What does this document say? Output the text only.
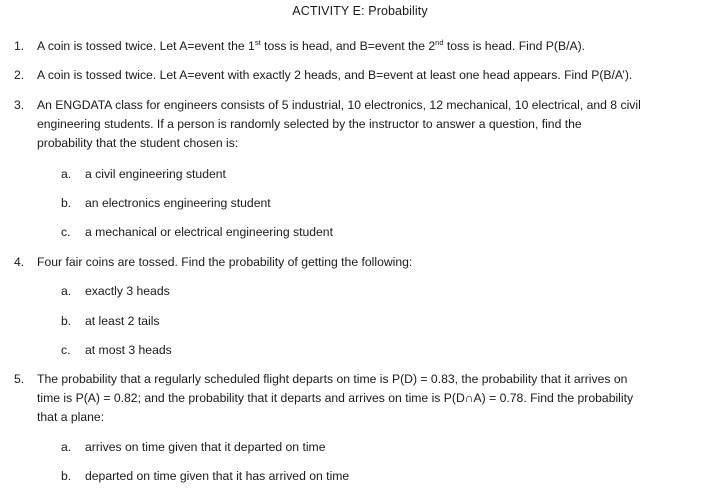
ACTIVITY E: Probability
1.	A coin is tossed twice. Let A=event the 1st toss is head, and B=event the 2nd toss is head. Find P(B/A).
2.	A coin is tossed twice. Let A=event with exactly 2 heads, and B=event at least one head appears. Find P(B/A’).
3.	An ENGDATA class for engineers consists of 5 industrial, 10 electronics, 12 mechanical, 10 electrical, and 8 civil
engineering students. If a person is randomly selected by the instructor to answer a question, find the
probability that the student chosen is:
a.	a civil engineering student
b.	an electronics engineering student
c.	a mechanical or electrical engineering student
4.	Four fair coins are tossed. Find the probability of getting the following:
a.	exactly 3 heads
b.	at least 2 tails
c.	at most 3 heads
5.	The probability that a regularly scheduled flight departs on time is P(D) = 0.83, the probability that it arrives on
time is P(A) = 0.82; and the probability that it departs and arrives on time is P(D∩A) = 0.78. Find the probability
that a plane:
a.	arrives on time given that it departed on time
b.	departed on time given that it has arrived on time
